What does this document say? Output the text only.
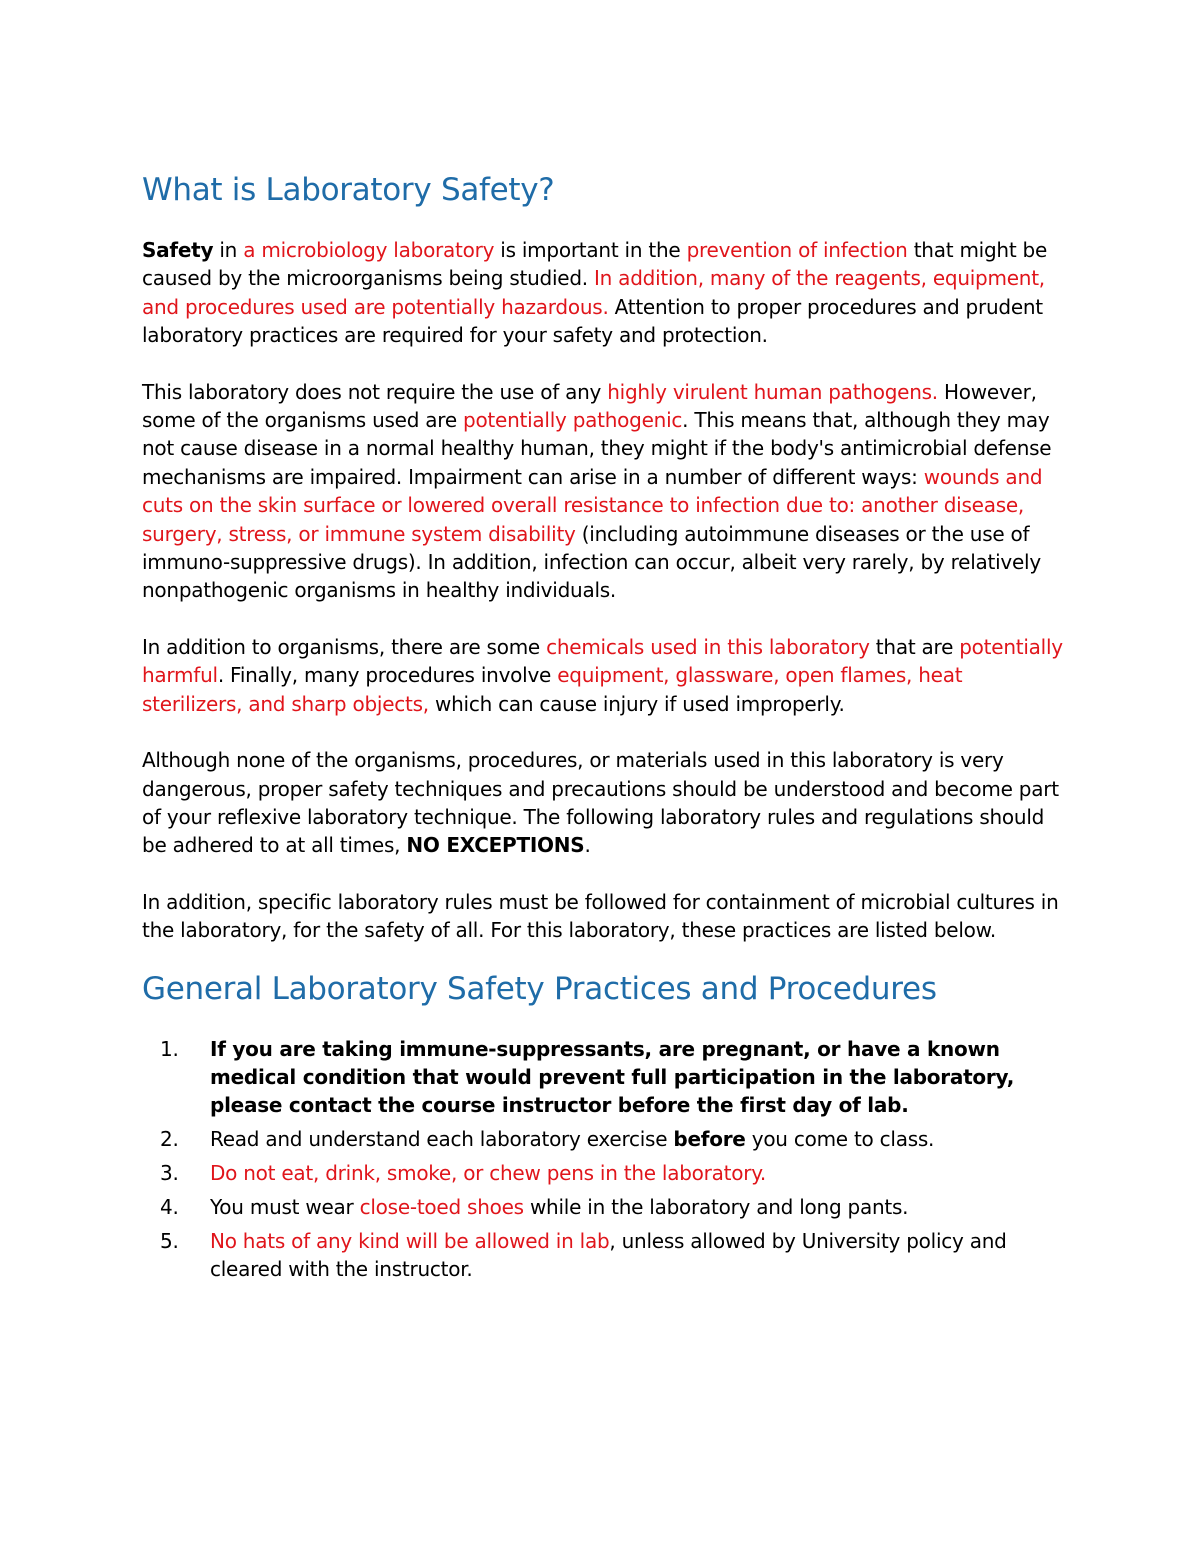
What is Laboratory Safety?

Safety in a microbiology laboratory is important in the prevention of infection that might be caused by the microorganisms being studied. In addition, many of the reagents, equipment, and procedures used are potentially hazardous. Attention to proper procedures and prudent laboratory practices are required for your safety and protection.

This laboratory does not require the use of any highly virulent human pathogens. However, some of the organisms used are potentially pathogenic. This means that, although they may not cause disease in a normal healthy human, they might if the body's antimicrobial defense mechanisms are impaired. Impairment can arise in a number of different ways: wounds and cuts on the skin surface or lowered overall resistance to infection due to: another disease, surgery, stress, or immune system disability (including autoimmune diseases or the use of immuno-suppressive drugs). In addition, infection can occur, albeit very rarely, by relatively nonpathogenic organisms in healthy individuals.

In addition to organisms, there are some chemicals used in this laboratory that are potentially harmful. Finally, many procedures involve equipment, glassware, open flames, heat sterilizers, and sharp objects, which can cause injury if used improperly.

Although none of the organisms, procedures, or materials used in this laboratory is very dangerous, proper safety techniques and precautions should be understood and become part of your reflexive laboratory technique. The following laboratory rules and regulations should be adhered to at all times, NO EXCEPTIONS.

In addition, specific laboratory rules must be followed for containment of microbial cultures in the laboratory, for the safety of all. For this laboratory, these practices are listed below.

General Laboratory Safety Practices and Procedures
1. If you are taking immune-suppressants, are pregnant, or have a known medical condition that would prevent full participation in the laboratory, please contact the course instructor before the first day of lab.
2. Read and understand each laboratory exercise before you come to class.
3. Do not eat, drink, smoke, or chew pens in the laboratory.
4. You must wear close-toed shoes while in the laboratory and long pants.
5. No hats of any kind will be allowed in lab, unless allowed by University policy and cleared with the instructor.
